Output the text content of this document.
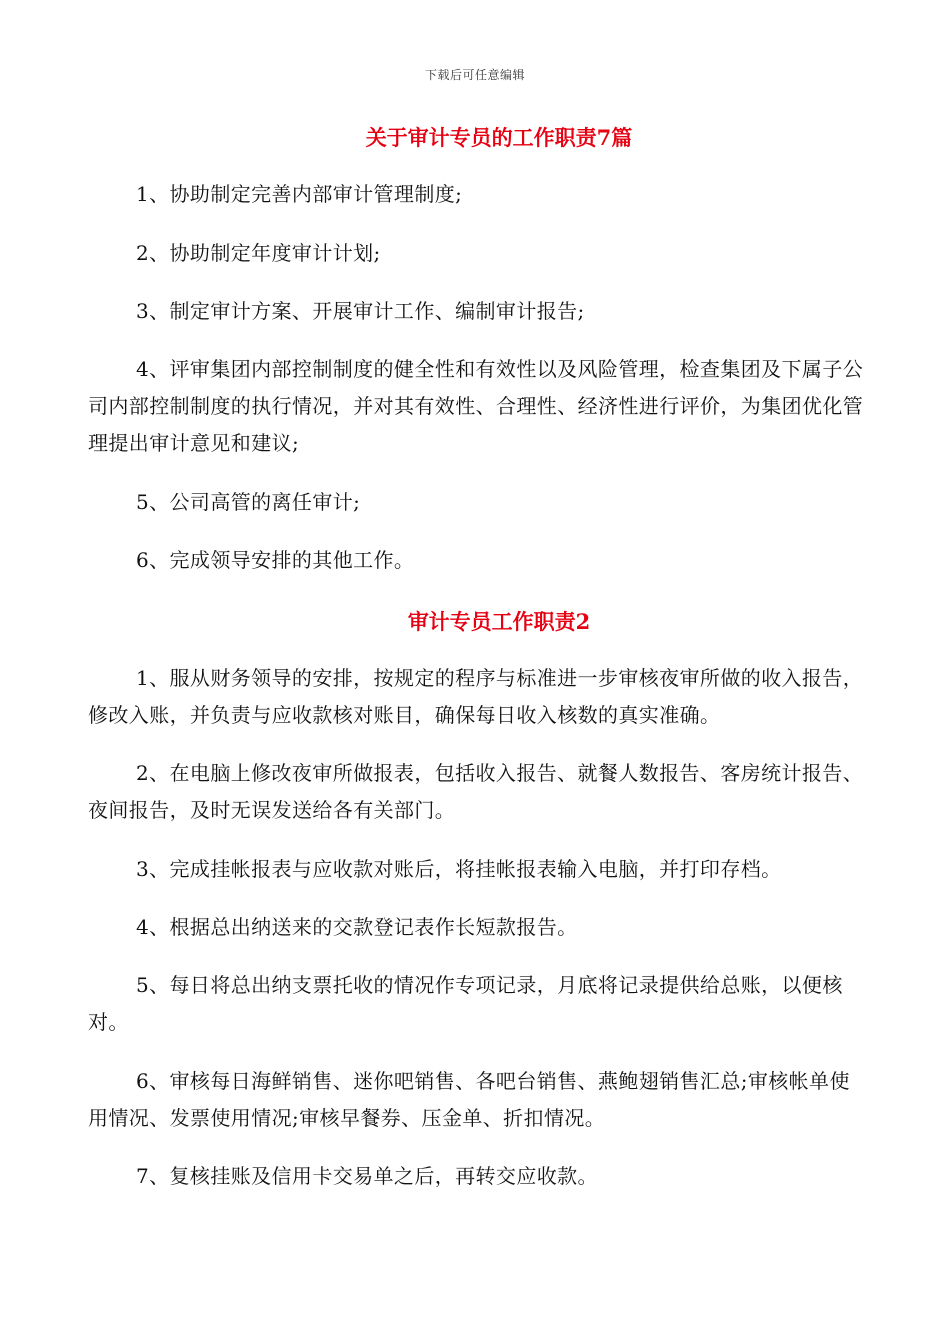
下载后可任意编辑
关于审计专员的工作职责7篇

1、协助制定完善内部审计管理制度;

2、协助制定年度审计计划;

3、制定审计方案、开展审计工作、编制审计报告;

4、评审集团内部控制制度的健全性和有效性以及风险管理，检查集团及下属子公司内部控制制度的执行情况，并对其有效性、合理性、经济性进行评价，为集团优化管理提出审计意见和建议;

5、公司高管的离任审计;

6、完成领导安排的其他工作。

审计专员工作职责2

1、服从财务领导的安排，按规定的程序与标准进一步审核夜审所做的收入报告，修改入账，并负责与应收款核对账目，确保每日收入核数的真实准确。

2、在电脑上修改夜审所做报表，包括收入报告、就餐人数报告、客房统计报告、夜间报告，及时无误发送给各有关部门。

3、完成挂帐报表与应收款对账后，将挂帐报表输入电脑，并打印存档。

4、根据总出纳送来的交款登记表作长短款报告。

5、每日将总出纳支票托收的情况作专项记录，月底将记录提供给总账，以便核对。

6、审核每日海鲜销售、迷你吧销售、各吧台销售、燕鲍翅销售汇总;审核帐单使用情况、发票使用情况;审核早餐券、压金单、折扣情况。

7、复核挂账及信用卡交易单之后，再转交应收款。
